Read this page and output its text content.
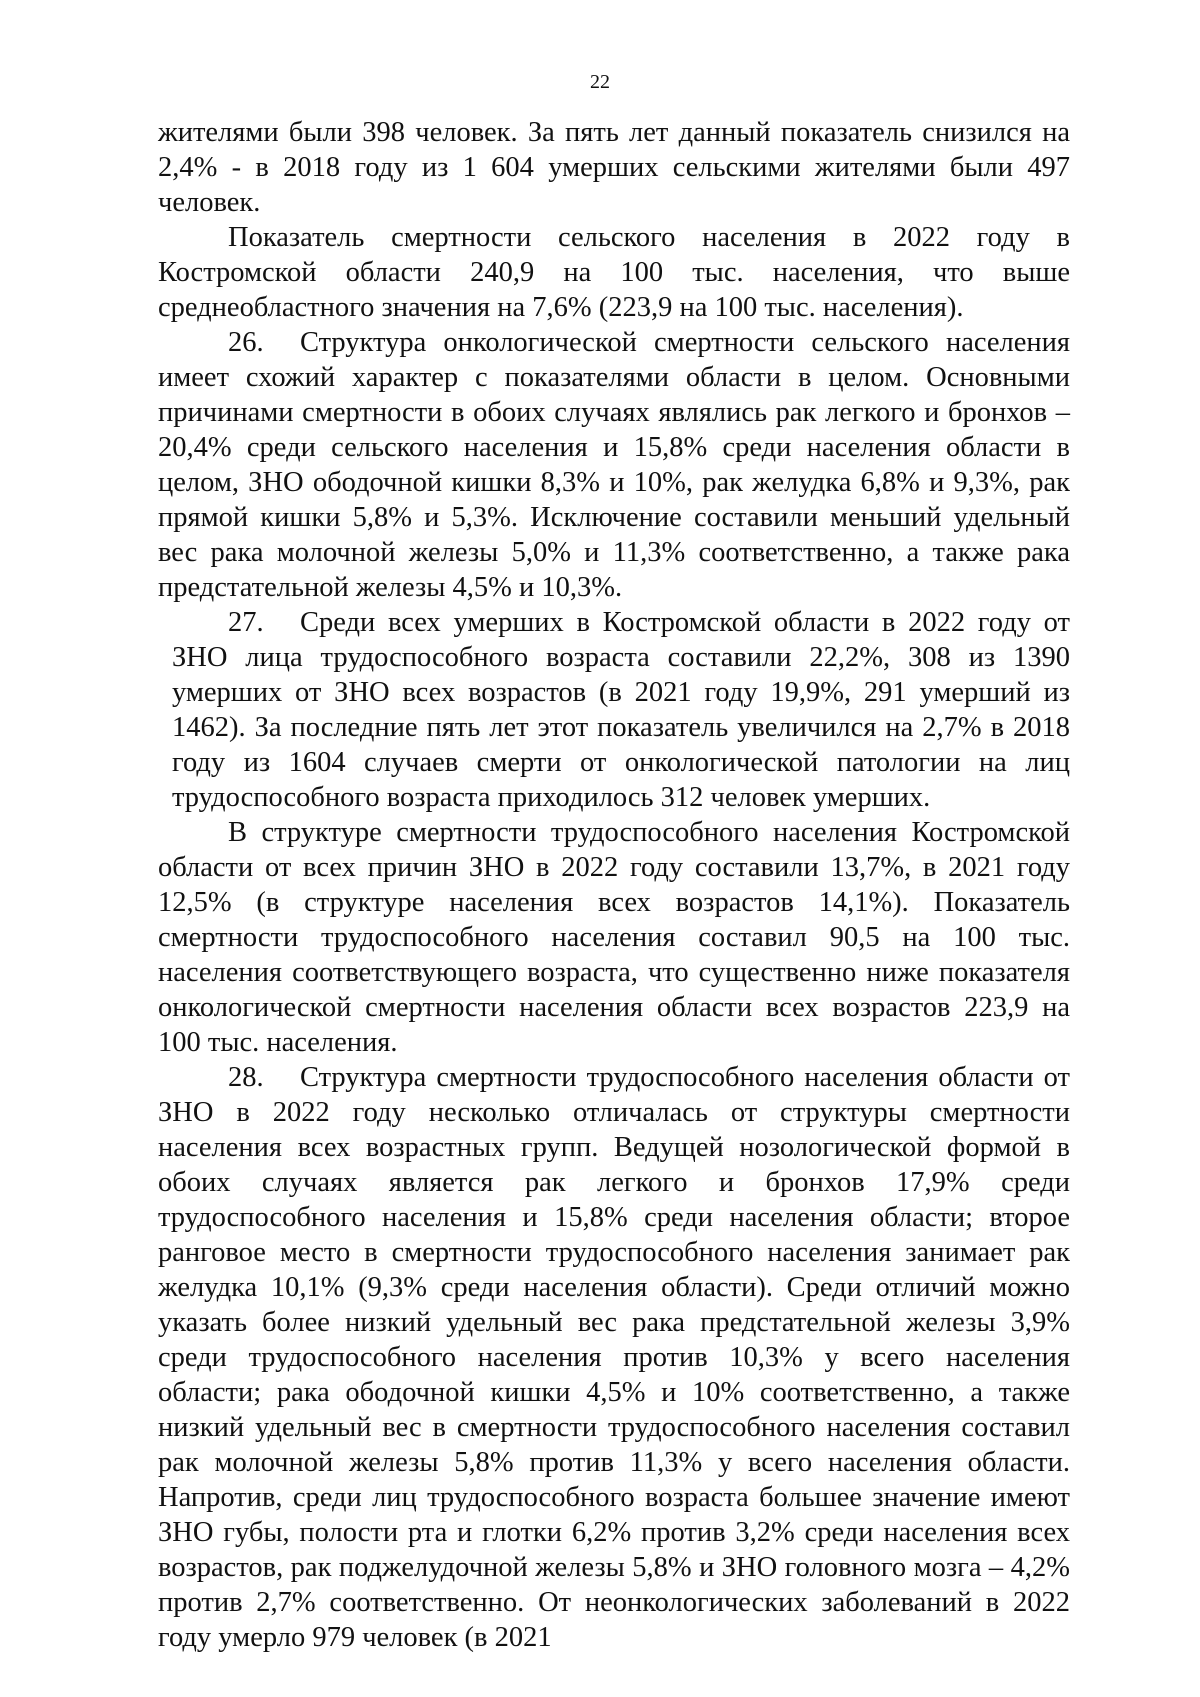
22

жителями были 398 человек. За пять лет данный показатель снизился на 2,4% - в 2018 году из 1 604 умерших сельскими жителями были 497 человек.

Показатель смертности сельского населения в 2022 году в Костромской области 240,9 на 100 тыс. населения, что выше среднеобластного значения на 7,6% (223,9 на 100 тыс. населения).

26. Структура онкологической смертности сельского населения имеет схожий характер с показателями области в целом. Основными причинами смертности в обоих случаях являлись рак легкого и бронхов – 20,4% среди сельского населения и 15,8% среди населения области в целом, ЗНО ободочной кишки 8,3% и 10%, рак желудка 6,8% и 9,3%, рак прямой кишки 5,8% и 5,3%. Исключение составили меньший удельный вес рака молочной железы 5,0% и 11,3% соответственно, а также рака предстательной железы 4,5% и 10,3%.

27. Среди всех умерших в Костромской области в 2022 году от ЗНО лица трудоспособного возраста составили 22,2%, 308 из 1390 умерших от ЗНО всех возрастов (в 2021 году 19,9%, 291 умерший из 1462). За последние пять лет этот показатель увеличился на 2,7% в 2018 году из 1604 случаев смерти от онкологической патологии на лиц трудоспособного возраста приходилось 312 человек умерших.

В структуре смертности трудоспособного населения Костромской области от всех причин ЗНО в 2022 году составили 13,7%, в 2021 году 12,5% (в структуре населения всех возрастов 14,1%). Показатель смертности трудоспособного населения составил 90,5 на 100 тыс. населения соответствующего возраста, что существенно ниже показателя онкологической смертности населения области всех возрастов 223,9 на 100 тыс. населения.

28. Структура смертности трудоспособного населения области от ЗНО в 2022 году несколько отличалась от структуры смертности населения всех возрастных групп. Ведущей нозологической формой в обоих случаях является рак легкого и бронхов 17,9% среди трудоспособного населения и 15,8% среди населения области; второе ранговое место в смертности трудоспособного населения занимает рак желудка 10,1% (9,3% среди населения области). Среди отличий можно указать более низкий удельный вес рака предстательной железы 3,9% среди трудоспособного населения против 10,3% у всего населения области; рака ободочной кишки 4,5% и 10% соответственно, а также низкий удельный вес в смертности трудоспособного населения составил рак молочной железы 5,8% против 11,3% у всего населения области. Напротив, среди лиц трудоспособного возраста большее значение имеют ЗНО губы, полости рта и глотки 6,2% против 3,2% среди населения всех возрастов, рак поджелудочной железы 5,8% и ЗНО головного мозга – 4,2% против 2,7% соответственно. От неонкологических заболеваний в 2022 году умерло 979 человек (в 2021
